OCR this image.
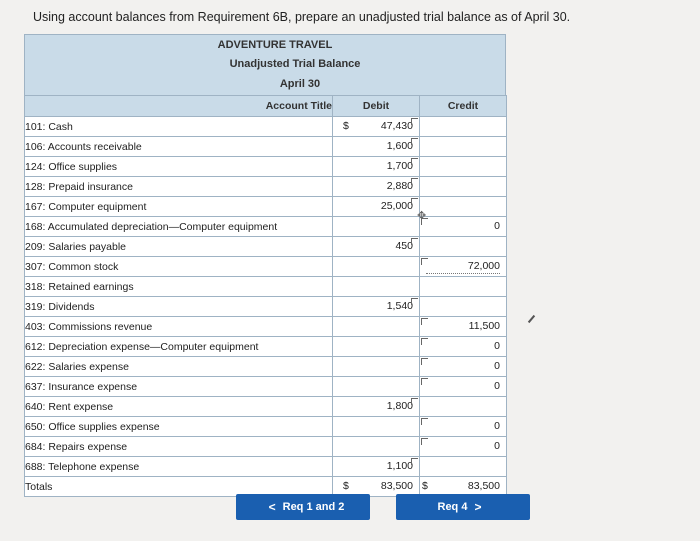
Using account balances from Requirement 6B, prepare an unadjusted trial balance as of April 30.
ADVENTURE TRAVEL
Unadjusted Trial Balance
April 30
Account Title	Debit	Credit
101: Cash	$ 47,430	

106: Accounts receivable	1,600	

124: Office supplies	1,700	

128: Prepaid insurance	2,880	

167: Computer equipment	25,000	

168: Accumulated depreciation—Computer equipment		0

209: Salaries payable	450	

307: Common stock		72,000

318: Retained earnings	

319: Dividends	1,540	

403: Commissions revenue		11,500

612: Depreciation expense—Computer equipment		0

622: Salaries expense		0

637: Insurance expense		0

640: Rent expense	1,800	

650: Office supplies expense		0

684: Repairs expense		0

688: Telephone expense	1,100	

Totals	$ 83,500	$ 83,500
✥
< Req 1 and 2	Req 4 >
